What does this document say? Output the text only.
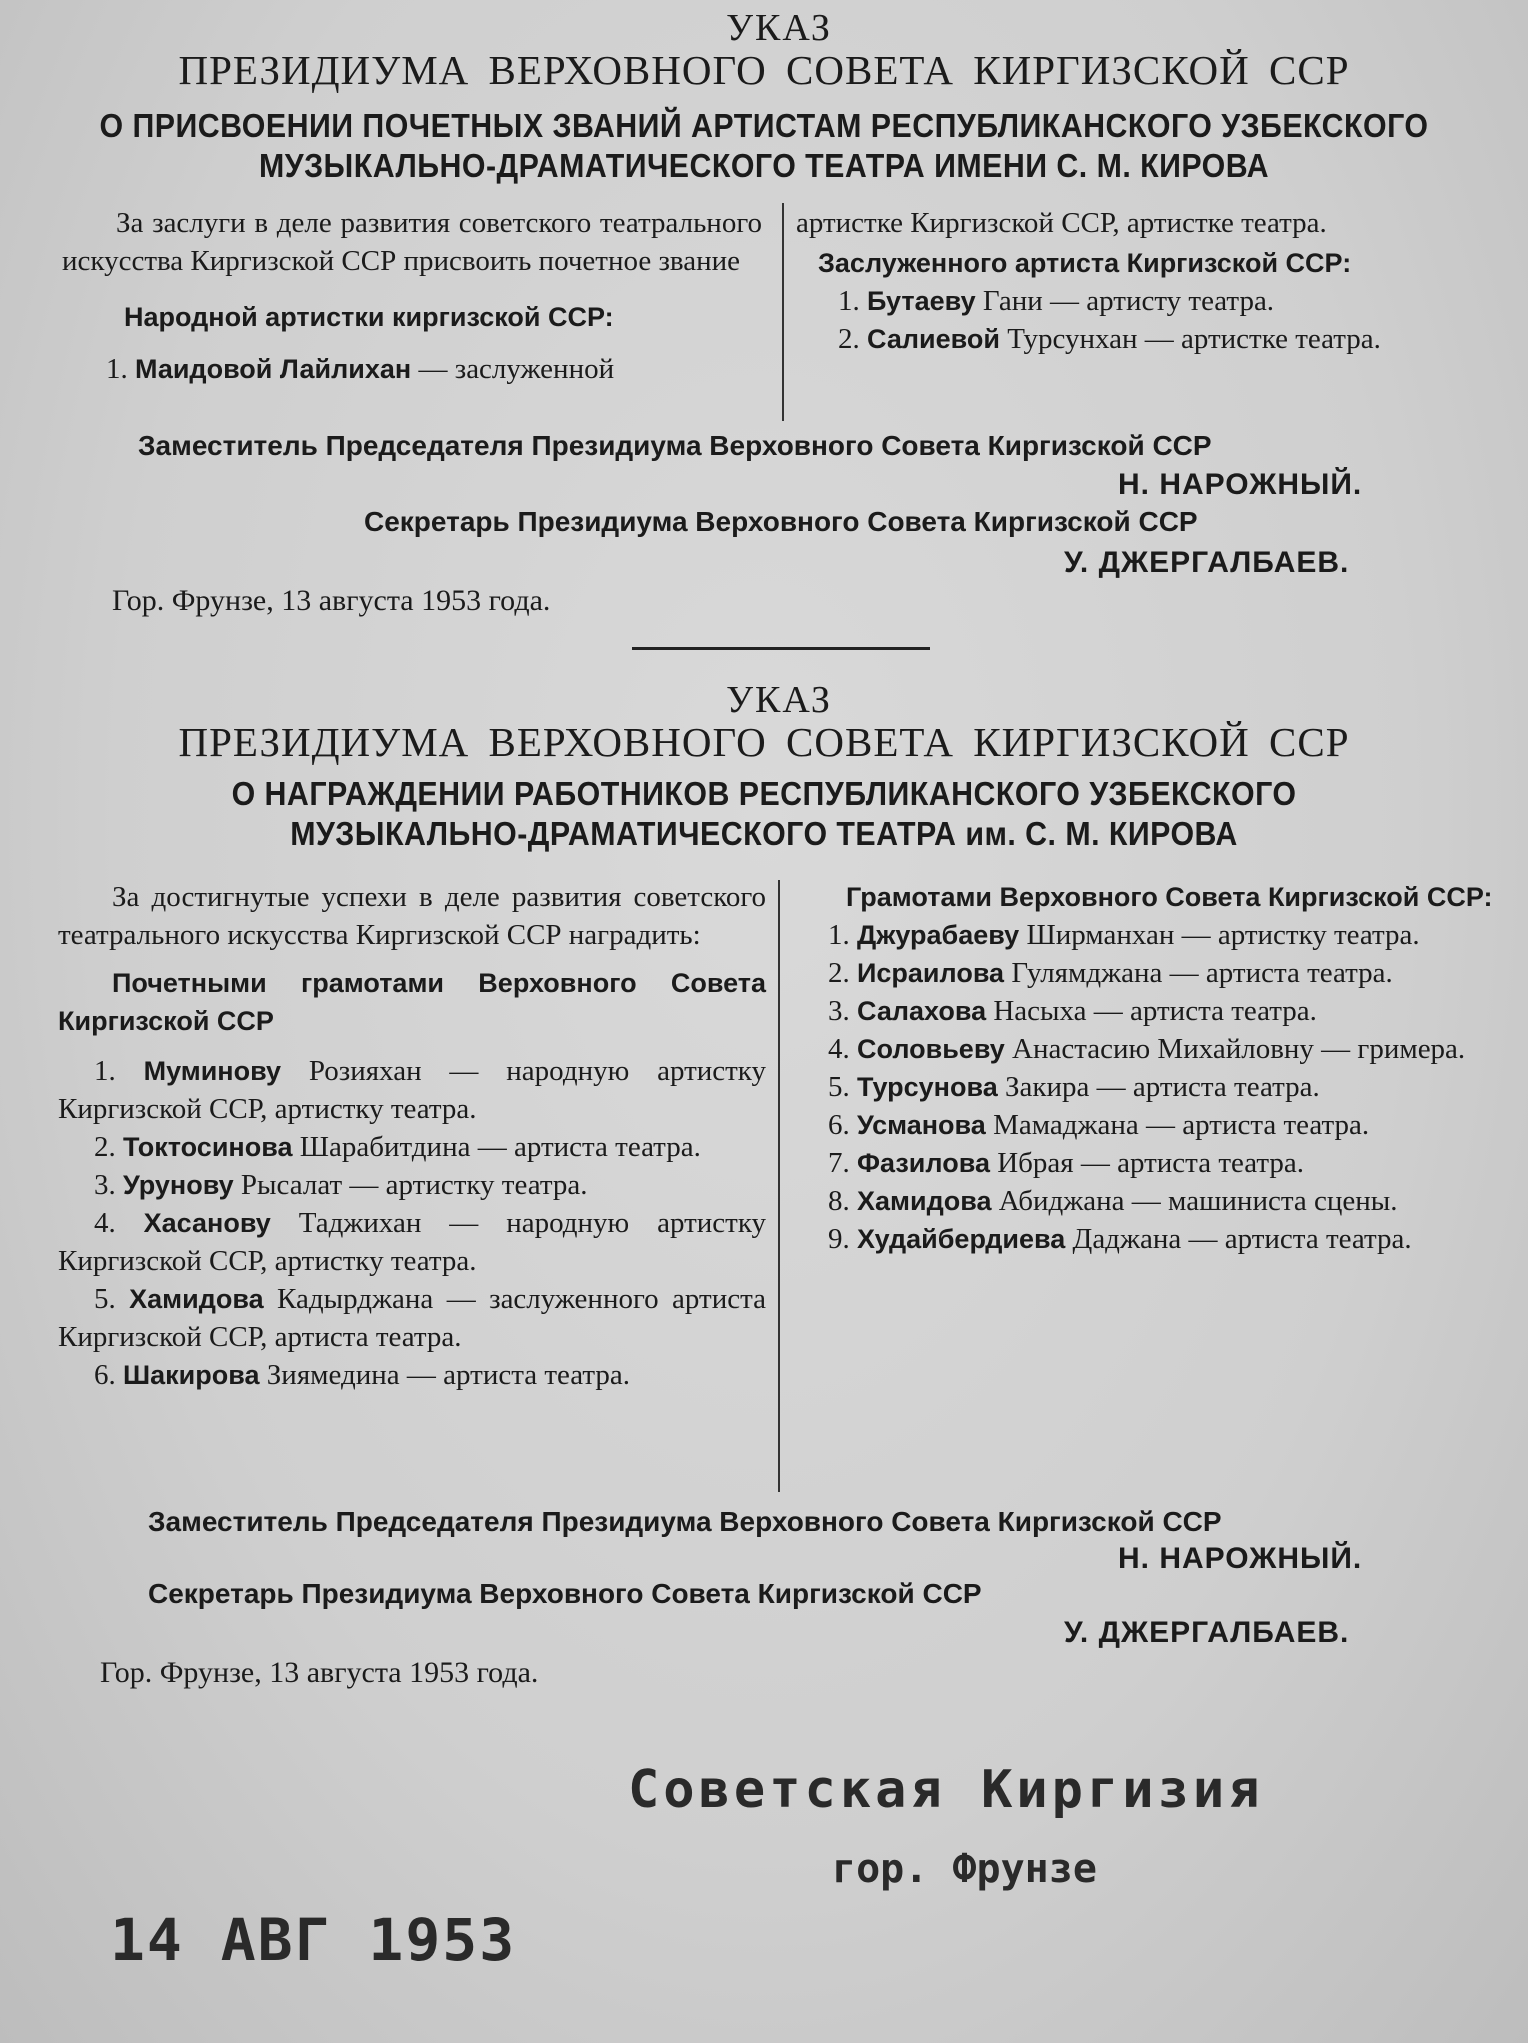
УКАЗ
ПРЕЗИДИУМА ВЕРХОВНОГО СОВЕТА КИРГИЗСКОЙ ССР
О ПРИСВОЕНИИ ПОЧЕТНЫХ ЗВАНИЙ АРТИСТАМ РЕСПУБЛИКАНСКОГО УЗБЕКСКОГО
МУЗЫКАЛЬНО-ДРАМАТИЧЕСКОГО ТЕАТРА ИМЕНИ С. М. КИРОВА

За заслуги в деле развития советского театрального искусства Киргизской ССР присвоить почетное звание

Народной артистки киргизской ССР:

1. Маидовой Лайлихан — заслуженной

артистке Киргизской ССР, артистке театра.

Заслуженного артиста Киргизской ССР:

1. Бутаеву Гани — артисту театра.

2. Салиевой Турсунхан — артистке театра.

Заместитель Председателя Президиума Верховного Совета Киргизской ССР
Н. НАРОЖНЫЙ.
Секретарь Президиума Верховного Совета Киргизской ССР
У. ДЖЕРГАЛБАЕВ.
Гор. Фрунзе, 13 августа 1953 года.
УКАЗ
ПРЕЗИДИУМА ВЕРХОВНОГО СОВЕТА КИРГИЗСКОЙ ССР
О НАГРАЖДЕНИИ РАБОТНИКОВ РЕСПУБЛИКАНСКОГО УЗБЕКСКОГО
МУЗЫКАЛЬНО-ДРАМАТИЧЕСКОГО ТЕАТРА им. С. М. КИРОВА

За достигнутые успехи в деле развития советского театрального искусства Киргизской ССР наградить:

Почетными грамотами Верховного Совета Киргизской ССР

1. Муминову Розияхан — народную артистку Киргизской ССР, артистку театра.

2. Токтосинова Шарабитдина — артиста театра.

3. Урунову Рысалат — артистку театра.

4. Хасанову Таджихан — народную артистку Киргизской ССР, артистку театра.

5. Хамидова Кадырджана — заслуженного артиста Киргизской ССР, артиста театра.

6. Шакирова Зиямедина — артиста театра.

Грамотами Верховного Совета Киргизской ССР:

1. Джурабаеву Ширманхан — артистку театра.

2. Исраилова Гулямджана — артиста театра.

3. Салахова Насыха — артиста театра.

4. Соловьеву Анастасию Михайловну — гримера.

5. Турсунова Закира — артиста театра.

6. Усманова Мамаджана — артиста театра.

7. Фазилова Ибрая — артиста театра.

8. Хамидова Абиджана — машиниста сцены.

9. Худайбердиева Даджана — артиста театра.

Заместитель Председателя Президиума Верховного Совета Киргизской ССР
Н. НАРОЖНЫЙ.
Секретарь Президиума Верховного Совета Киргизской ССР
У. ДЖЕРГАЛБАЕВ.
Гор. Фрунзе, 13 августа 1953 года.
Советская Киргизия
гор. Фрунзе
14 АВГ 1953
